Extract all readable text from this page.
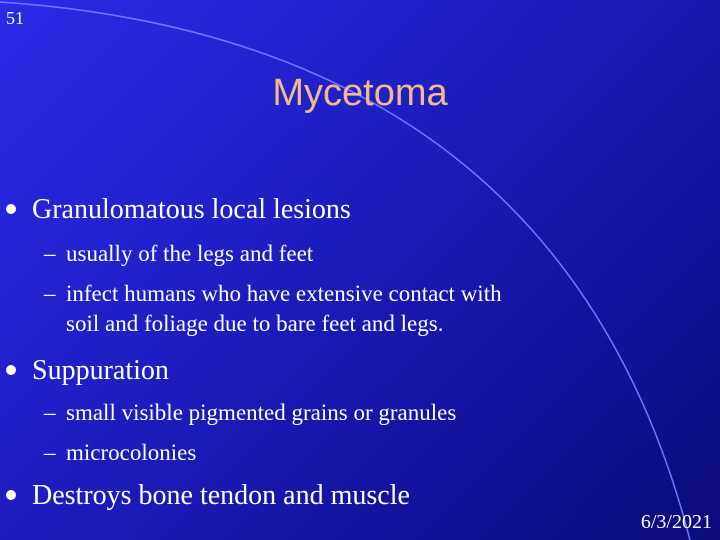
51
Mycetoma
Granulomatous local lesions
– usually of the legs and feet
– infect humans who have extensive contact with
soil and foliage due to bare feet and legs.
Suppuration
– small visible pigmented grains or granules
– microcolonies
Destroys bone tendon and muscle
6/3/2021
